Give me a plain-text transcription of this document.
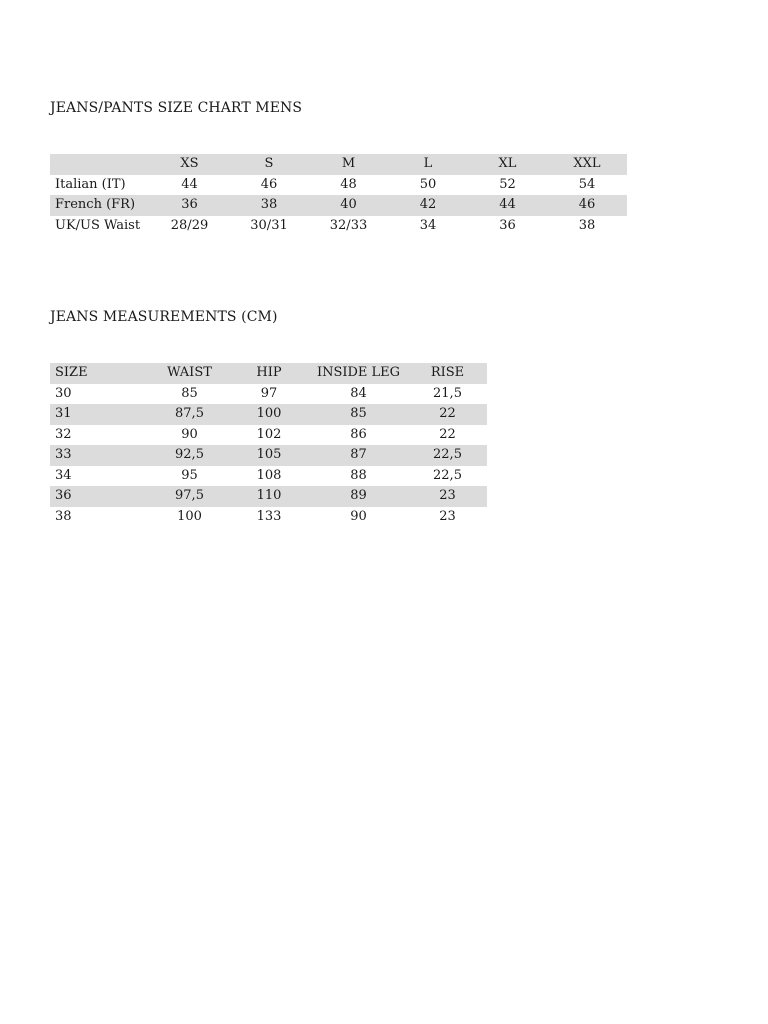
JEANS/PANTS SIZE CHART MENS
	XS	S	M	L	XL	XXL
Italian (IT)	44	46	48	50	52	54
French (FR)	36	38	40	42	44	46
UK/US Waist	28/29	30/31	32/33	34	36	38
JEANS MEASUREMENTS (CM)
SIZE	WAIST	HIP	INSIDE LEG	RISE
30	85	97	84	21,5
31	87,5	100	85	22
32	90	102	86	22
33	92,5	105	87	22,5
34	95	108	88	22,5
36	97,5	110	89	23
38	100	133	90	23
